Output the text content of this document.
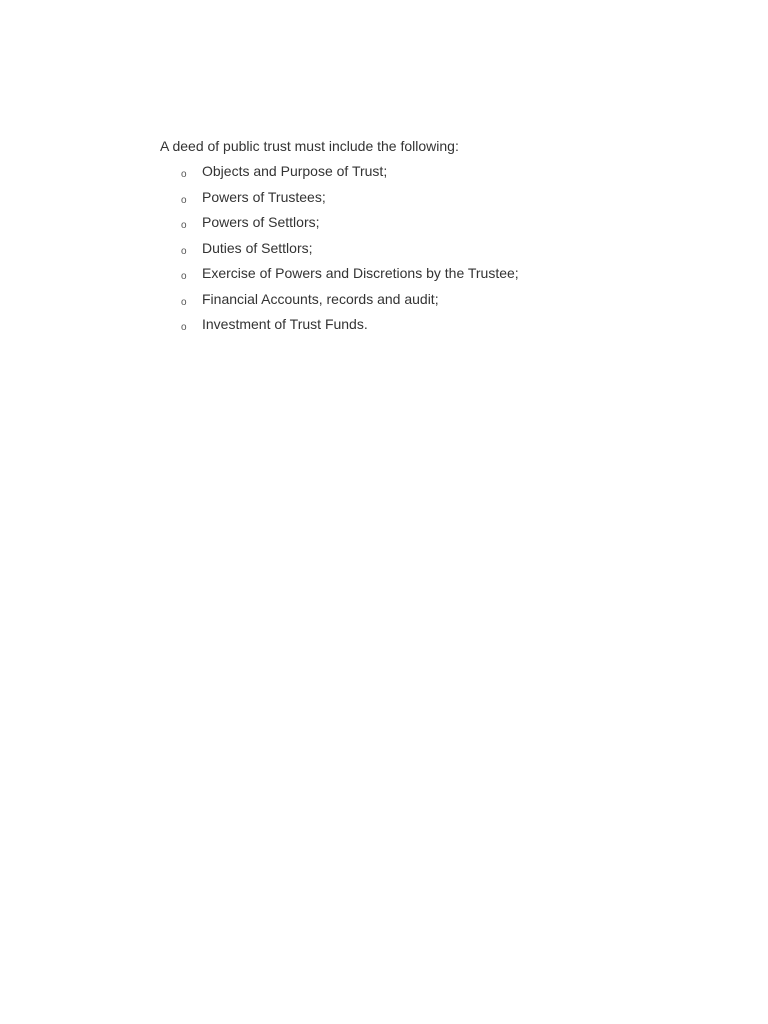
A deed of public trust must include the following:

o Objects and Purpose of Trust;
o Powers of Trustees;
o Powers of Settlors;
o Duties of Settlors;
o Exercise of Powers and Discretions by the Trustee;
o Financial Accounts, records and audit;
o Investment of Trust Funds.
